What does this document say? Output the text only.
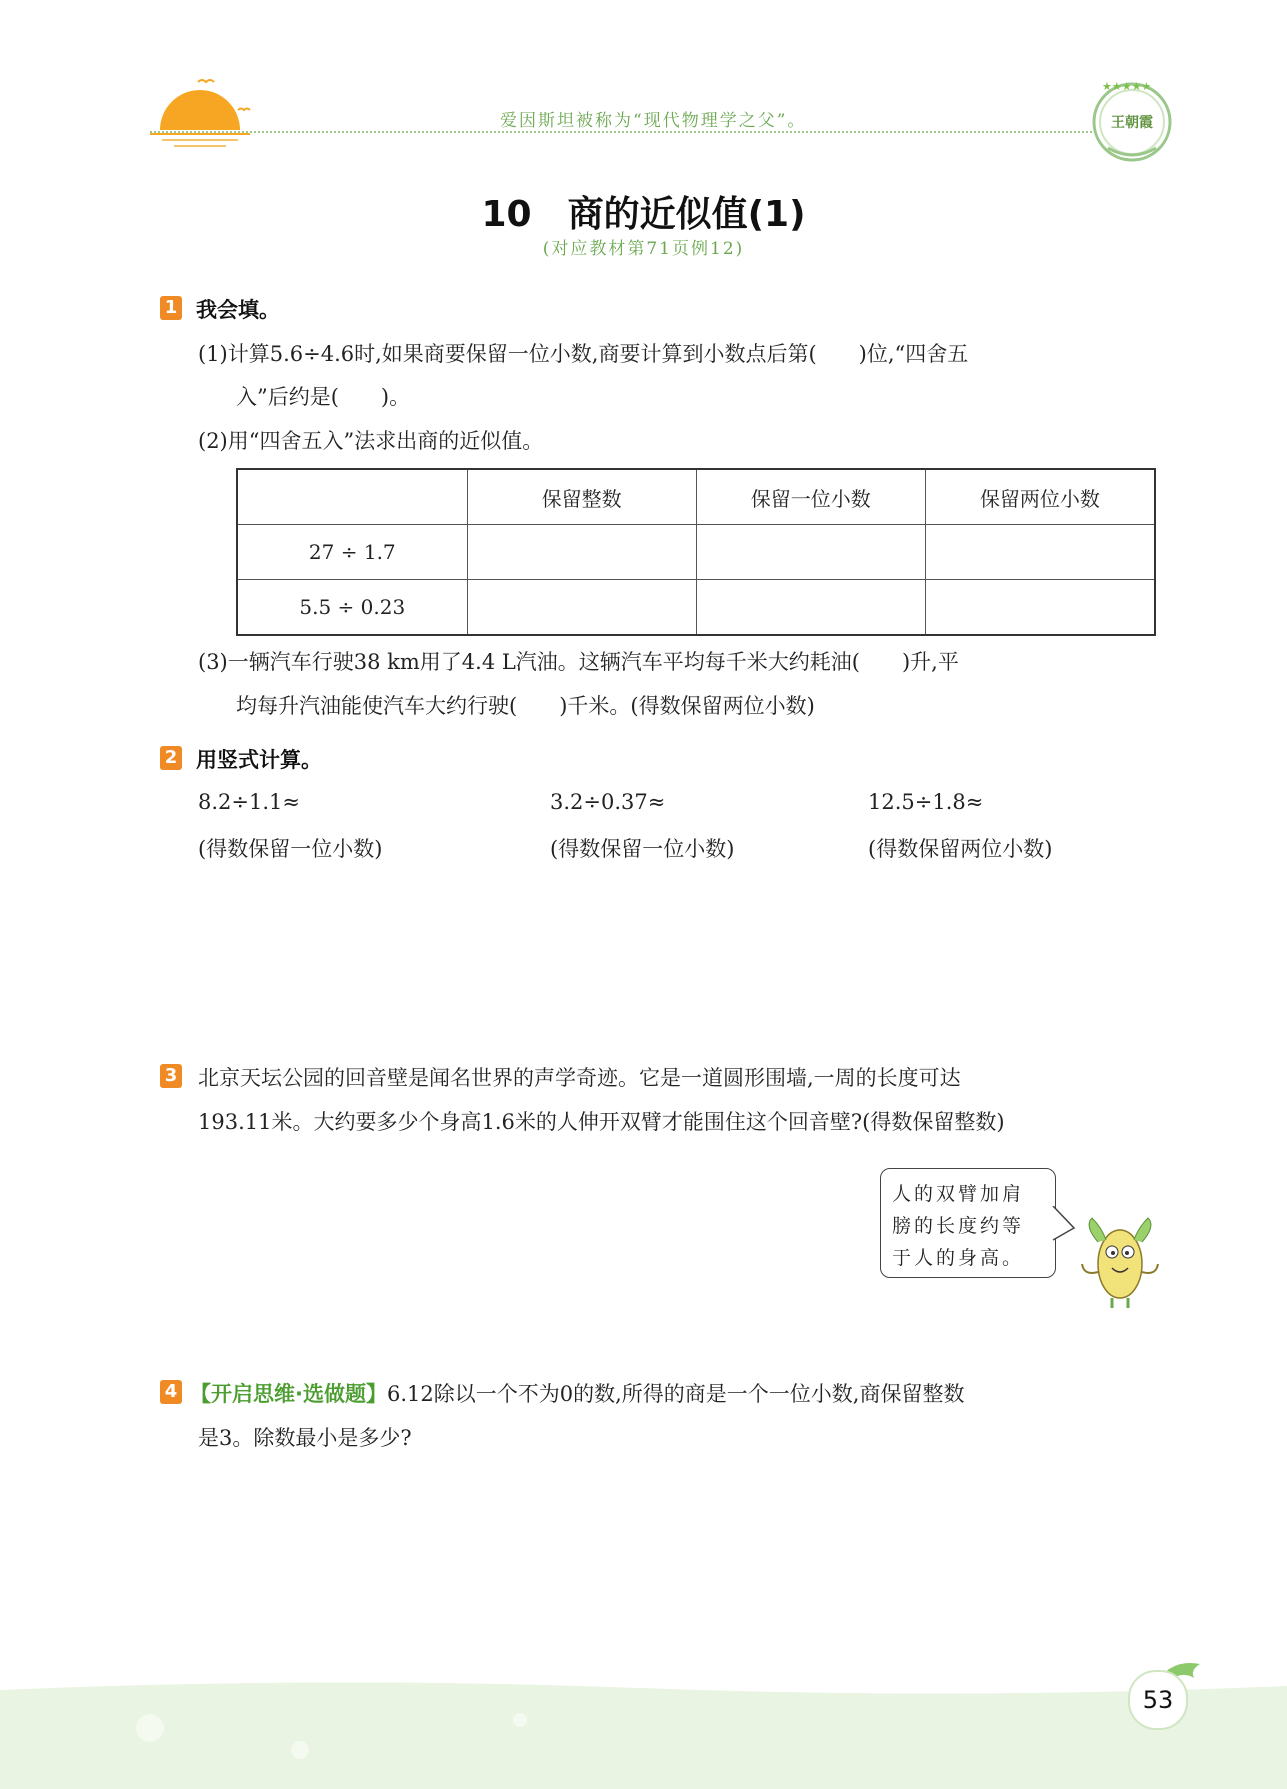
爱因斯坦被称为“现代物理学之父”。
★★★★★
王朝霞
10　商的近似值(1)
(对应教材第71页例12)
1 我会填。
(1)计算5.6÷4.6时,如果商要保留一位小数,商要计算到小数点后第(　　)位,“四舍五
入”后约是(　　)。
(2)用“四舍五入”法求出商的近似值。
	保留整数	保留一位小数	保留两位小数
27 ÷ 1.7			
5.5 ÷ 0.23			
(3)一辆汽车行驶38 km用了4.4 L汽油。这辆汽车平均每千米大约耗油(　　)升,平
均每升汽油能使汽车大约行驶(　　)千米。(得数保留两位小数)
2 用竖式计算。
8.2÷1.1≈
(得数保留一位小数)
3.2÷0.37≈
(得数保留一位小数)
12.5÷1.8≈
(得数保留两位小数)
3 北京天坛公园的回音壁是闻名世界的声学奇迹。它是一道圆形围墙,一周的长度可达
193.11米。大约要多少个身高1.6米的人伸开双臂才能围住这个回音壁?(得数保留整数)
人的双臂加肩
膀的长度约等
于人的身高。
4 【开启思维·选做题】6.12除以一个不为0的数,所得的商是一个一位小数,商保留整数
是3。除数最小是多少?
53
